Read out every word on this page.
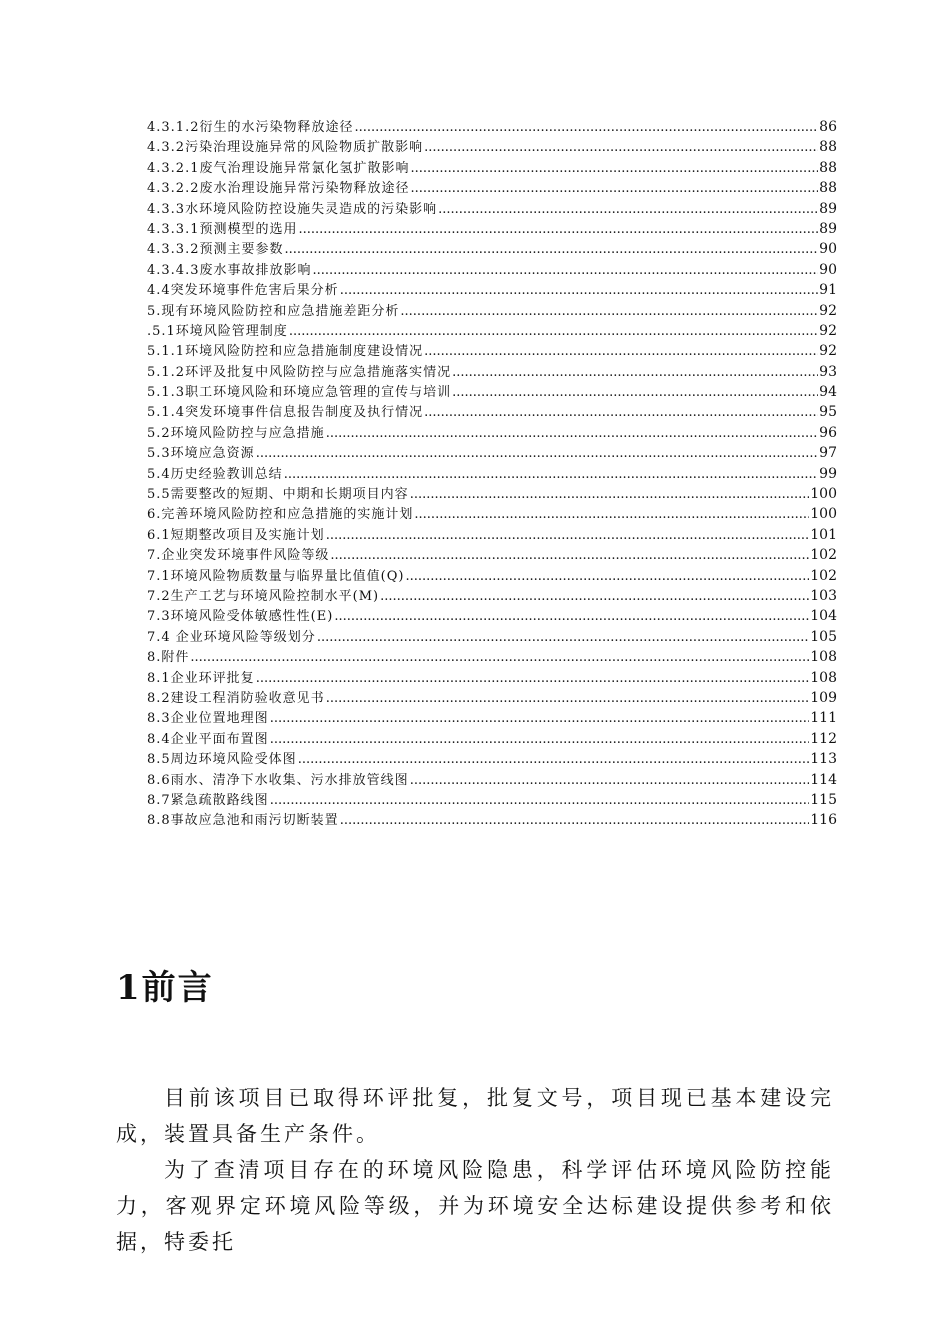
4.3.1.2衍生的水污染物释放途径 .....	86
4.3.2污染治理设施异常的风险物质扩散影响 .....	88
4.3.2.1废气治理设施异常氯化氢扩散影响 .....	88
4.3.2.2废水治理设施异常污染物释放途径 .....	88
4.3.3水环境风险防控设施失灵造成的污染影响 .....	89
4.3.3.1预测模型的选用 .....	89
4.3.3.2预测主要参数 .....	90
4.3.4.3废水事故排放影响 .....	90
4.4突发环境事件危害后果分析 .....	91
5.现有环境风险防控和应急措施差距分析 .....	92
.5.1环境风险管理制度 .....	92
5.1.1环境风险防控和应急措施制度建设情况 .....	92
5.1.2环评及批复中风险防控与应急措施落实情况 .....	93
5.1.3职工环境风险和环境应急管理的宣传与培训 .....	94
5.1.4突发环境事件信息报告制度及执行情况 .....	95
5.2环境风险防控与应急措施 .....	96
5.3环境应急资源 .....	97
5.4历史经验教训总结 .....	99
5.5需要整改的短期、中期和长期项目内容 .....	100
6.完善环境风险防控和应急措施的实施计划 .....	100
6.1短期整改项目及实施计划 .....	101
7.企业突发环境事件风险等级 .....	102
7.1环境风险物质数量与临界量比值值(Q) .....	102
7.2生产工艺与环境风险控制水平(M) .....	103
7.3环境风险受体敏感性性(E) .....	104
7.4 企业环境风险等级划分 .....	105
8.附件 .....	108
8.1企业环评批复 .....	108
8.2建设工程消防验收意见书 .....	109
8.3企业位置地理图 .....	111
8.4企业平面布置图 .....	112
8.5周边环境风险受体图 .....	113
8.6雨水、清净下水收集、污水排放管线图 .....	114
8.7紧急疏散路线图 .....	115
8.8事故应急池和雨污切断装置 .....	116
1前言

目前该项目已取得环评批复，批复文号，项目现已基本建设完成，装置具备生产条件。

为了查清项目存在的环境风险隐患，科学评估环境风险防控能力，客观界定环境风险等级，并为环境安全达标建设提供参考和依据，特委托
